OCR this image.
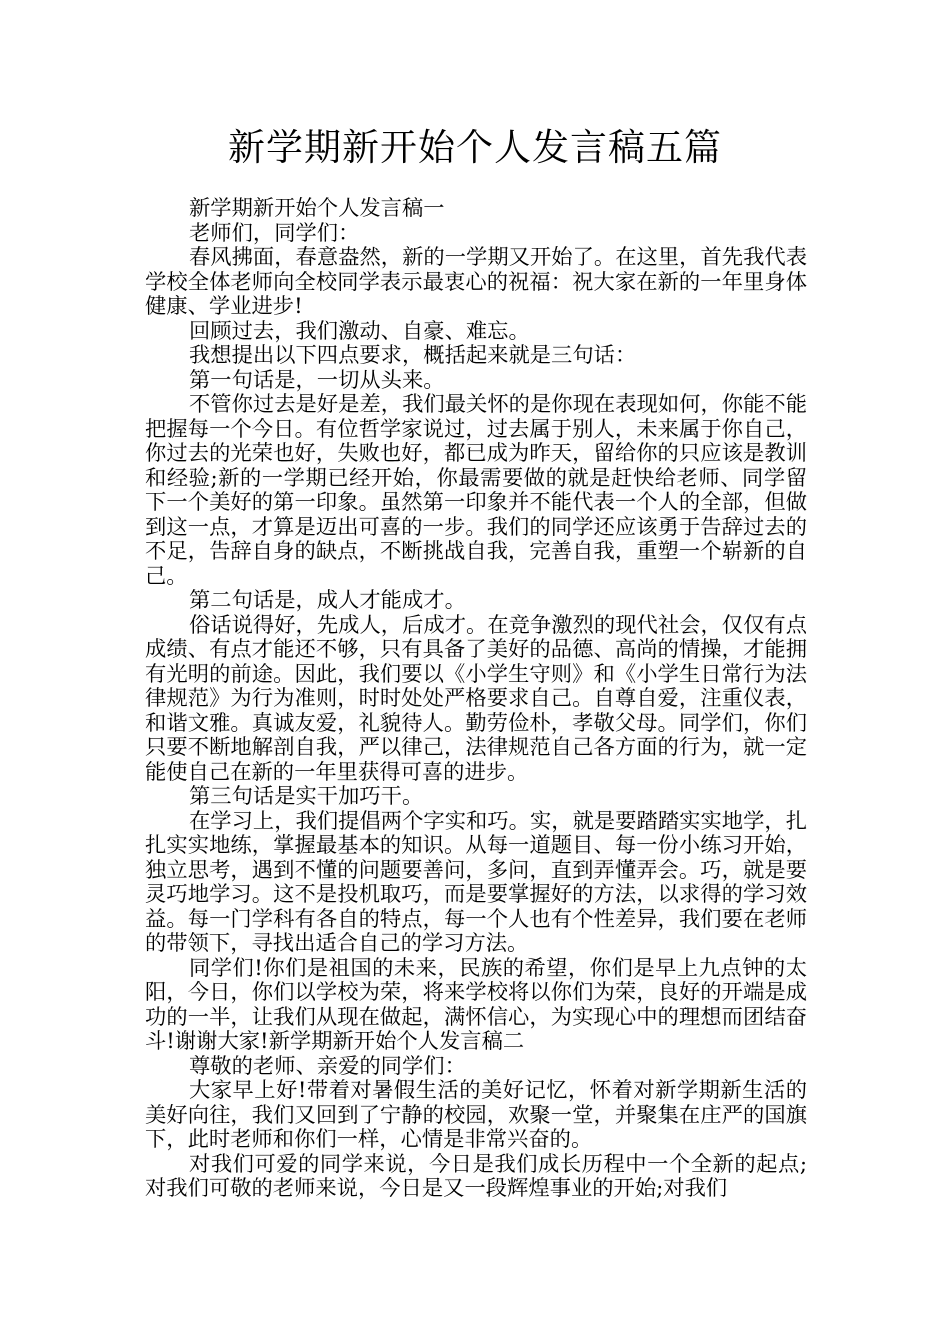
新学期新开始个人发言稿五篇

新学期新开始个人发言稿一

老师们，同学们：

春风拂面，春意盎然，新的一学期又开始了。在这里，首先我代表学校全体老师向全校同学表示最衷心的祝福：祝大家在新的一年里身体健康、学业进步!

回顾过去，我们激动、自豪、难忘。

我想提出以下四点要求，概括起来就是三句话：

第一句话是，一切从头来。

不管你过去是好是差，我们最关怀的是你现在表现如何，你能不能把握每一个今日。有位哲学家说过，过去属于别人，未来属于你自己，你过去的光荣也好，失败也好，都已成为昨天，留给你的只应该是教训和经验;新的一学期已经开始，你最需要做的就是赶快给老师、同学留下一个美好的第一印象。虽然第一印象并不能代表一个人的全部，但做到这一点，才算是迈出可喜的一步。我们的同学还应该勇于告辞过去的不足，告辞自身的缺点，不断挑战自我，完善自我，重塑一个崭新的自己。

第二句话是，成人才能成才。

俗话说得好，先成人，后成才。在竞争激烈的现代社会，仅仅有点成绩、有点才能还不够，只有具备了美好的品德、高尚的情操，才能拥有光明的前途。因此，我们要以《小学生守则》和《小学生日常行为法律规范》为行为准则，时时处处严格要求自己。自尊自爱，注重仪表，和谐文雅。真诚友爱，礼貌待人。勤劳俭朴，孝敬父母。同学们，你们只要不断地解剖自我，严以律己，法律规范自己各方面的行为，就一定能使自己在新的一年里获得可喜的进步。

第三句话是实干加巧干。

在学习上，我们提倡两个字实和巧。实，就是要踏踏实实地学，扎扎实实地练，掌握最基本的知识。从每一道题目、每一份小练习开始，独立思考，遇到不懂的问题要善问，多问，直到弄懂弄会。巧，就是要灵巧地学习。这不是投机取巧，而是要掌握好的方法，以求得的学习效益。每一门学科有各自的特点，每一个人也有个性差异，我们要在老师的带领下，寻找出适合自己的学习方法。

同学们!你们是祖国的未来，民族的希望，你们是早上九点钟的太阳，今日，你们以学校为荣，将来学校将以你们为荣，良好的开端是成功的一半，让我们从现在做起，满怀信心，为实现心中的理想而团结奋斗!谢谢大家!新学期新开始个人发言稿二

尊敬的老师、亲爱的同学们：

大家早上好!带着对暑假生活的美好记忆，怀着对新学期新生活的美好向往，我们又回到了宁静的校园，欢聚一堂，并聚集在庄严的国旗下，此时老师和你们一样，心情是非常兴奋的。

对我们可爱的同学来说，今日是我们成长历程中一个全新的起点;对我们可敬的老师来说，今日是又一段辉煌事业的开始;对我们
